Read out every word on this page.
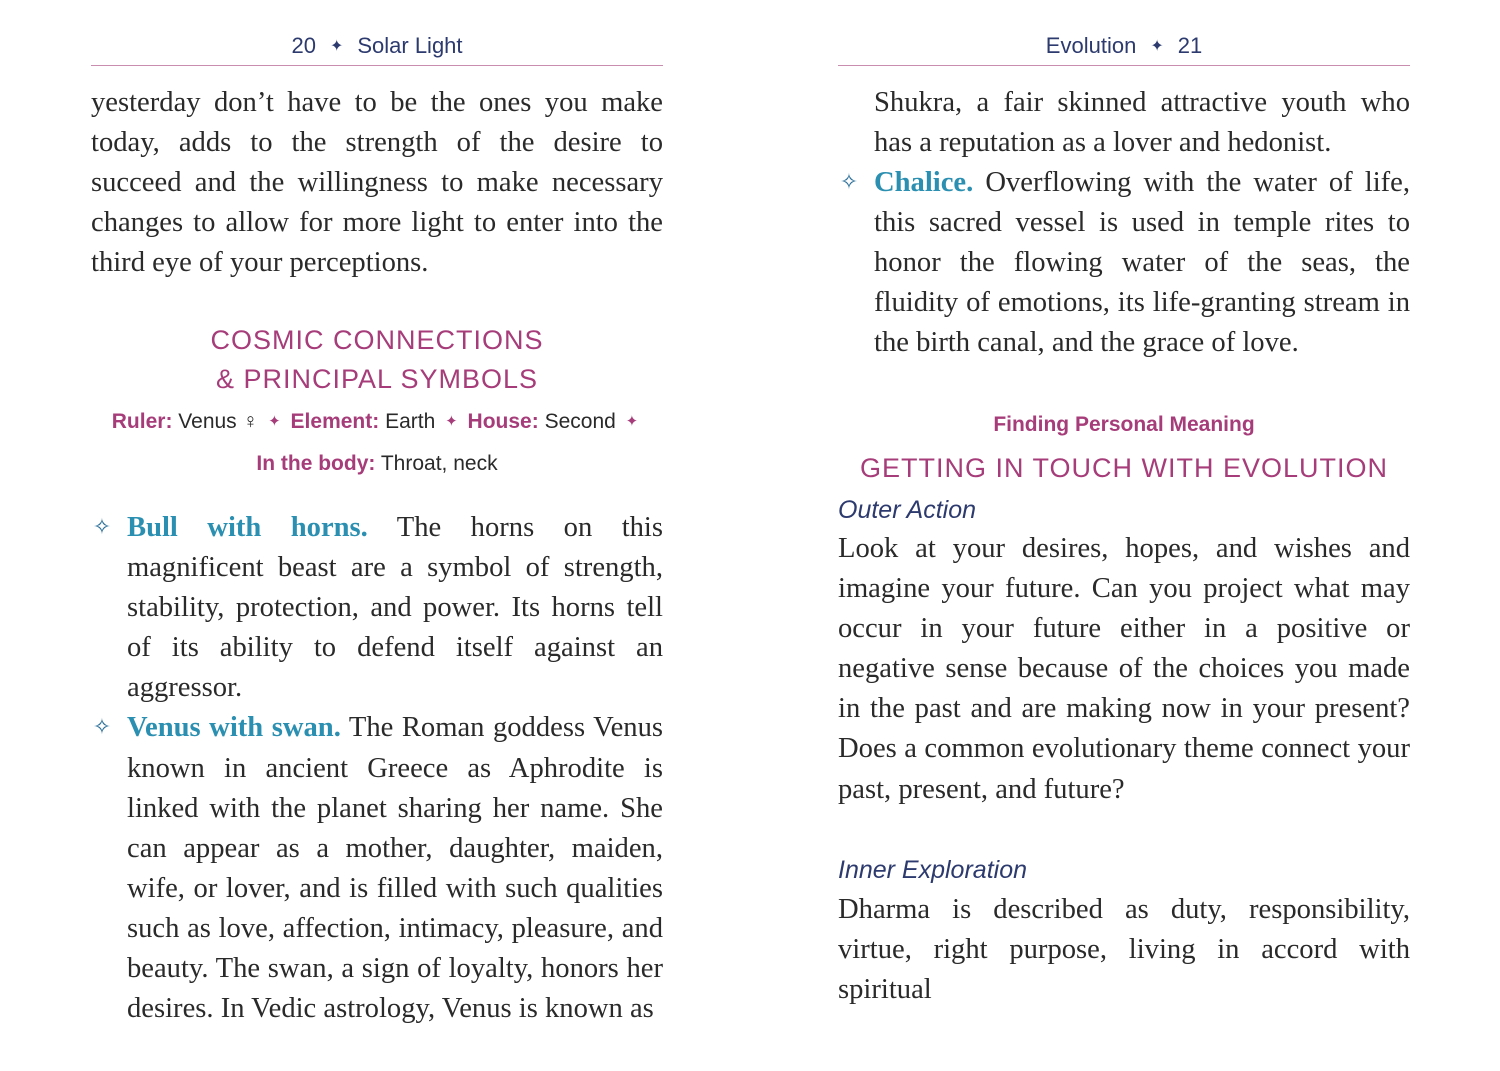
20 ✦ Solar Light

yesterday don’t have to be the ones you make today, adds to the strength of the desire to succeed and the willingness to make necessary changes to allow for more light to enter into the third eye of your perceptions.

COSMIC CONNECTIONS
& PRINCIPAL SYMBOLS
Ruler: Venus ♀ ✦ Element: Earth ✦ House: Second ✦
In the body: Throat, neck
✧ Bull with horns. The horns on this magnificent beast are a symbol of strength, stability, protection, and power. Its horns tell of its ability to defend itself against an aggressor.

✧ Venus with swan. The Roman goddess Venus known in ancient Greece as Aphrodite is linked with the planet sharing her name. She can appear as a mother, daughter, maiden, wife, or lover, and is filled with such qualities such as love, affection, intimacy, pleasure, and beauty. The swan, a sign of loyalty, honors her desires. In Vedic astrology, Venus is known as

Evolution ✦ 21

Shukra, a fair skinned attractive youth who has a reputation as a lover and hedonist.

✧ Chalice. Overflowing with the water of life, this sacred vessel is used in temple rites to honor the flowing water of the seas, the fluidity of emotions, its life-granting stream in the birth canal, and the grace of love.

Finding Personal Meaning
GETTING IN TOUCH WITH EVOLUTION
Outer Action

Look at your desires, hopes, and wishes and imagine your future. Can you project what may occur in your future either in a positive or negative sense because of the choices you made in the past and are making now in your present? Does a common evolutionary theme connect your past, present, and future?

Inner Exploration

Dharma is described as duty, responsibility, virtue, right purpose, living in accord with spiritual
